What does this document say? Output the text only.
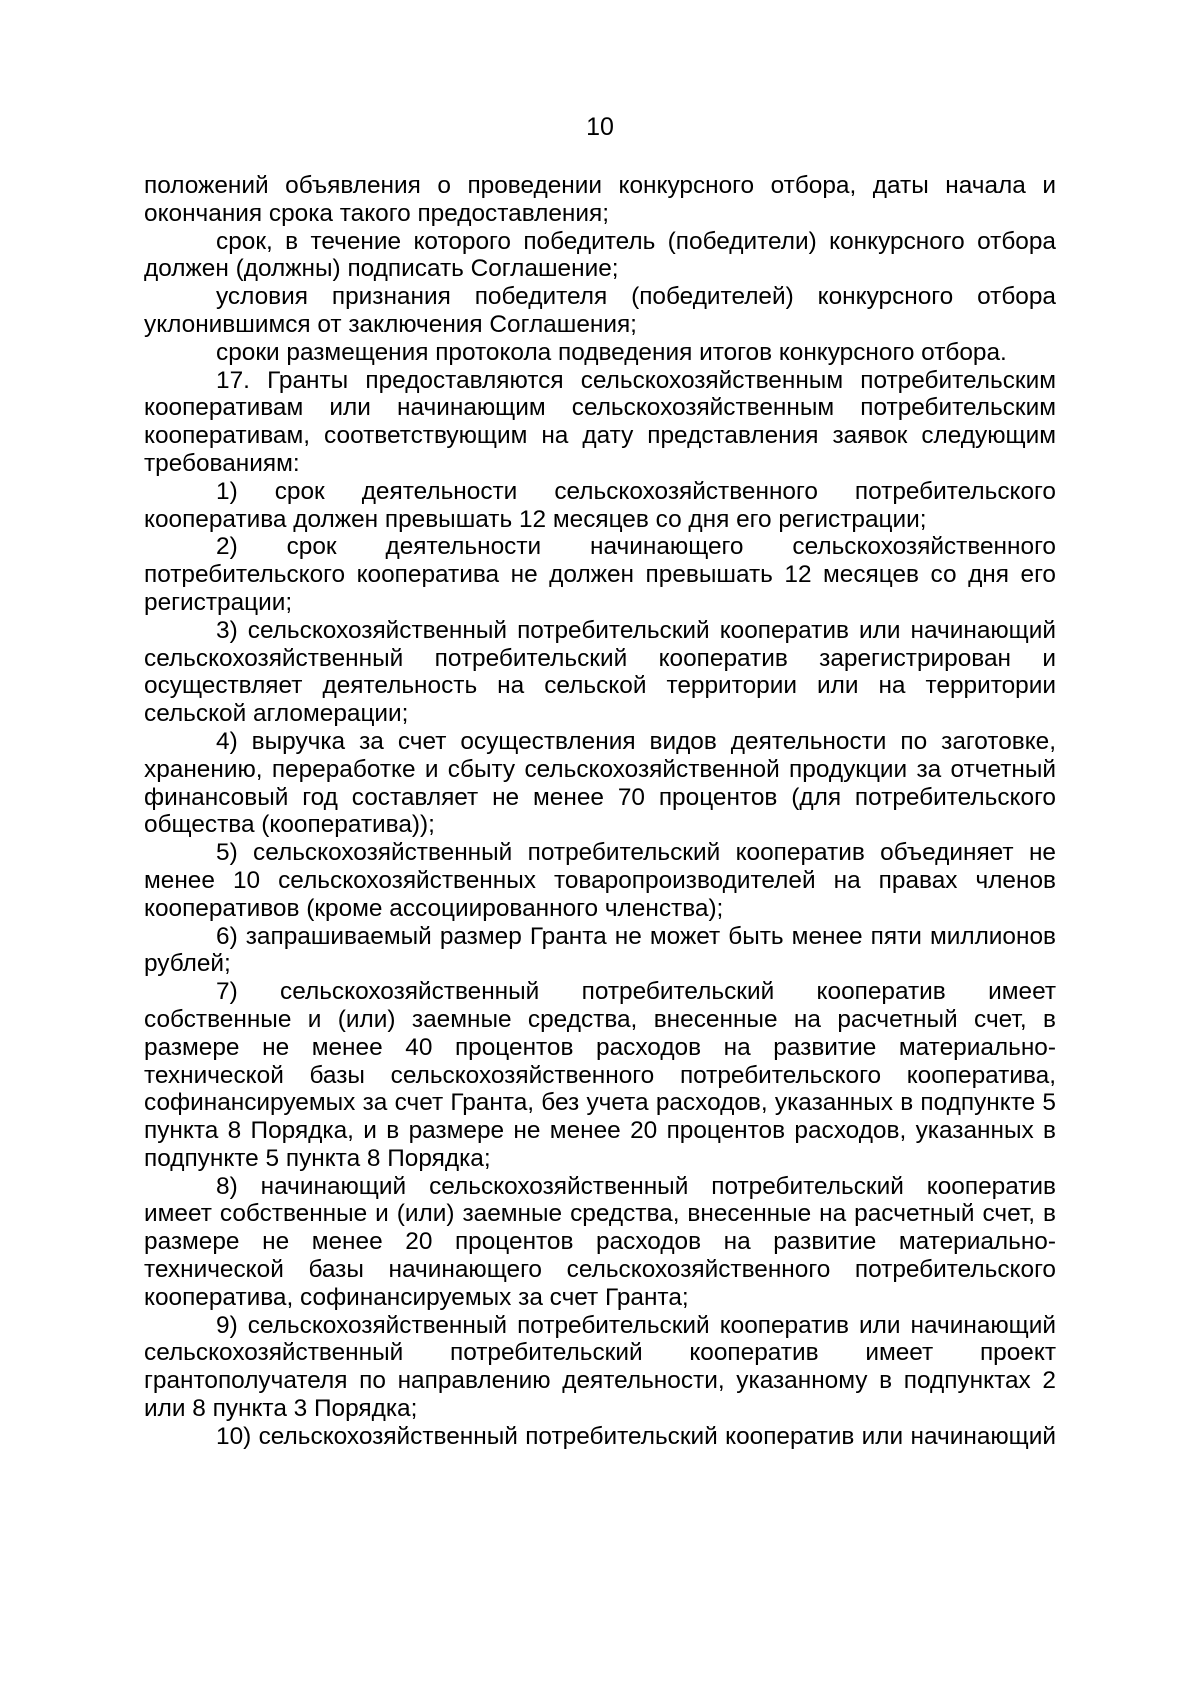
10

положений объявления о проведении конкурсного отбора, даты начала и окончания срока такого предоставления;

срок, в течение которого победитель (победители) конкурсного отбора должен (должны) подписать Соглашение;

условия признания победителя (победителей) конкурсного отбора уклонившимся от заключения Соглашения;

сроки размещения протокола подведения итогов конкурсного отбора.

17. Гранты предоставляются сельскохозяйственным потребительским кооперативам или начинающим сельскохозяйственным потребительским кооперативам, соответствующим на дату представления заявок следующим требованиям:

1) срок деятельности сельскохозяйственного потребительского кооператива должен превышать 12 месяцев со дня его регистрации;

2) срок деятельности начинающего сельскохозяйственного потребительского кооператива не должен превышать 12 месяцев со дня его регистрации;

3) сельскохозяйственный потребительский кооператив или начинающий сельскохозяйственный потребительский кооператив зарегистрирован и осуществляет деятельность на сельской территории или на территории сельской агломерации;

4) выручка за счет осуществления видов деятельности по заготовке, хранению, переработке и сбыту сельскохозяйственной продукции за отчетный финансовый год составляет не менее 70 процентов (для потребительского общества (кооператива));

5) сельскохозяйственный потребительский кооператив объединяет не менее 10 сельскохозяйственных товаропроизводителей на правах членов кооперативов (кроме ассоциированного членства);

6) запрашиваемый размер Гранта не может быть менее пяти миллионов рублей;

7) сельскохозяйственный потребительский кооператив имеет собственные и (или) заемные средства, внесенные на расчетный счет, в размере не менее 40 процентов расходов на развитие материально-технической базы сельскохозяйственного потребительского кооператива, софинансируемых за счет Гранта, без учета расходов, указанных в подпункте 5 пункта 8 Порядка, и в размере не менее 20 процентов расходов, указанных в подпункте 5 пункта 8 Порядка;

8) начинающий сельскохозяйственный потребительский кооператив имеет собственные и (или) заемные средства, внесенные на расчетный счет, в размере не менее 20 процентов расходов на развитие материально-технической базы начинающего сельскохозяйственного потребительского кооператива, софинансируемых за счет Гранта;

9) сельскохозяйственный потребительский кооператив или начинающий сельскохозяйственный потребительский кооператив имеет проект грантополучателя по направлению деятельности, указанному в подпунктах 2 или 8 пункта 3 Порядка;

10) сельскохозяйственный потребительский кооператив или начинающий
